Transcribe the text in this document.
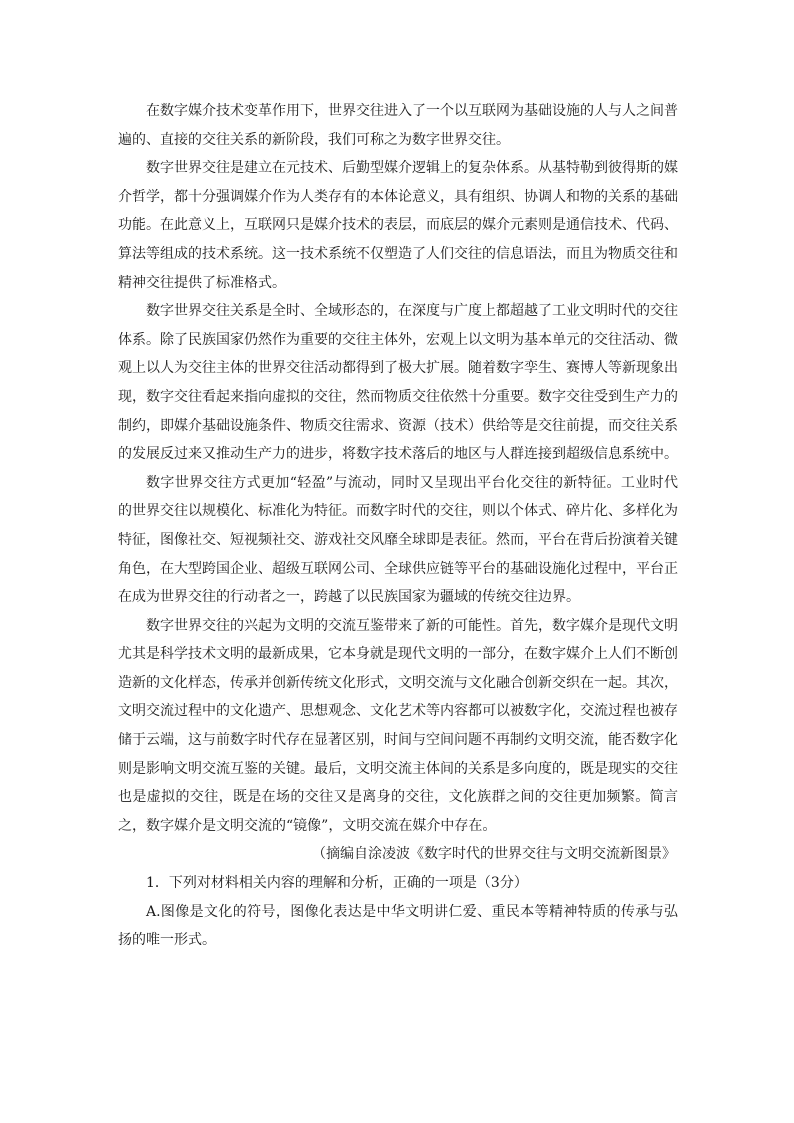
在数字媒介技术变革作用下，世界交往进入了一个以互联网为基础设施的人与人之间普遍的、直接的交往关系的新阶段，我们可称之为数字世界交往。

数字世界交往是建立在元技术、后勤型媒介逻辑上的复杂体系。从基特勒到彼得斯的媒介哲学，都十分强调媒介作为人类存有的本体论意义，具有组织、协调人和物的关系的基础功能。在此意义上，互联网只是媒介技术的表层，而底层的媒介元素则是通信技术、代码、算法等组成的技术系统。这一技术系统不仅塑造了人们交往的信息语法，而且为物质交往和精神交往提供了标准格式。

数字世界交往关系是全时、全域形态的，在深度与广度上都超越了工业文明时代的交往体系。除了民族国家仍然作为重要的交往主体外，宏观上以文明为基本单元的交往活动、微观上以人为交往主体的世界交往活动都得到了极大扩展。随着数字孪生、赛博人等新现象出现，数字交往看起来指向虚拟的交往，然而物质交往依然十分重要。数字交往受到生产力的制约，即媒介基础设施条件、物质交往需求、资源（技术）供给等是交往前提，而交往关系的发展反过来又推动生产力的进步，将数字技术落后的地区与人群连接到超级信息系统中。

数字世界交往方式更加“轻盈”与流动，同时又呈现出平台化交往的新特征。工业时代的世界交往以规模化、标准化为特征。而数字时代的交往，则以个体式、碎片化、多样化为特征，图像社交、短视频社交、游戏社交风靡全球即是表征。然而，平台在背后扮演着关键角色，在大型跨国企业、超级互联网公司、全球供应链等平台的基础设施化过程中，平台正在成为世界交往的行动者之一，跨越了以民族国家为疆域的传统交往边界。

数字世界交往的兴起为文明的交流互鉴带来了新的可能性。首先，数字媒介是现代文明尤其是科学技术文明的最新成果，它本身就是现代文明的一部分，在数字媒介上人们不断创造新的文化样态，传承并创新传统文化形式，文明交流与文化融合创新交织在一起。其次，文明交流过程中的文化遗产、思想观念、文化艺术等内容都可以被数字化，交流过程也被存储于云端，这与前数字时代存在显著区别，时间与空间问题不再制约文明交流，能否数字化则是影响文明交流互鉴的关键。最后，文明交流主体间的关系是多向度的，既是现实的交往也是虚拟的交往，既是在场的交往又是离身的交往，文化族群之间的交往更加频繁。简言之，数字媒介是文明交流的“镜像”，文明交流在媒介中存在。

（摘编自涂凌波《数字时代的世界交往与文明交流新图景》

1．下列对材料相关内容的理解和分析，正确的一项是（3分）

A.图像是文化的符号，图像化表达是中华文明讲仁爱、重民本等精神特质的传承与弘扬的唯一形式。
